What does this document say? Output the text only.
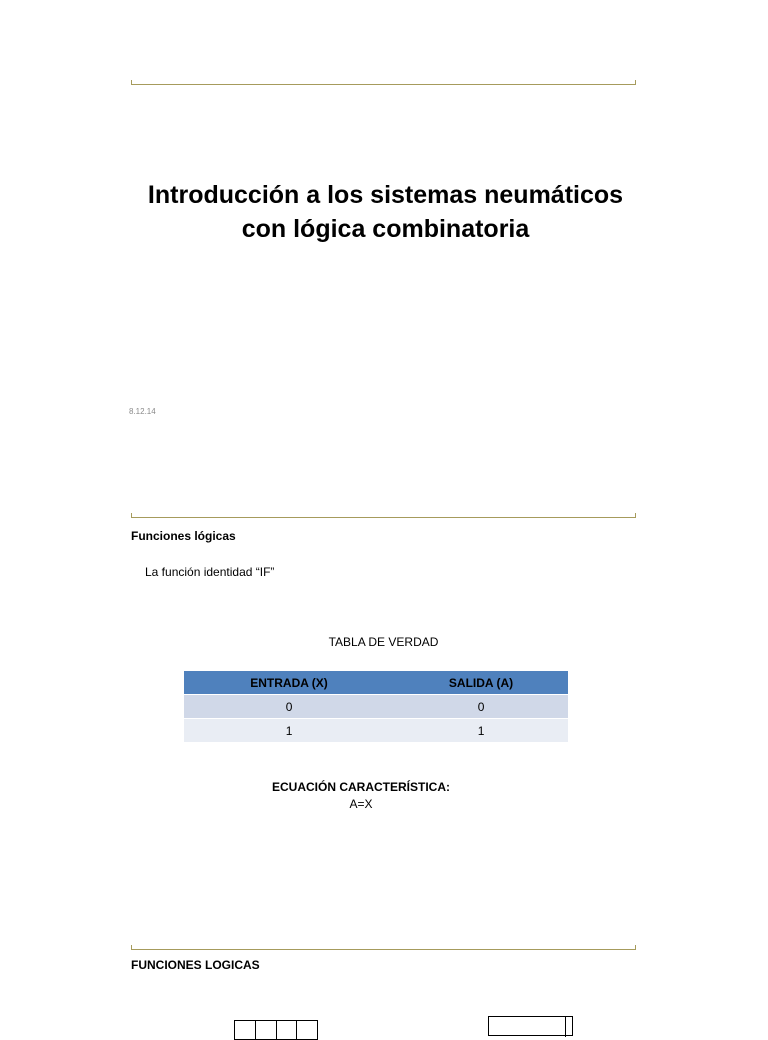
Introducción a los sistemas neumáticos
con lógica combinatoria
8.12.14
Funciones lógicas
La función identidad “IF”
TABLA DE VERDAD
ENTRADA (X)	SALIDA (A)
0	0
1	1
ECUACIÓN CARACTERÍSTICA:
A=X
FUNCIONES LOGICAS
